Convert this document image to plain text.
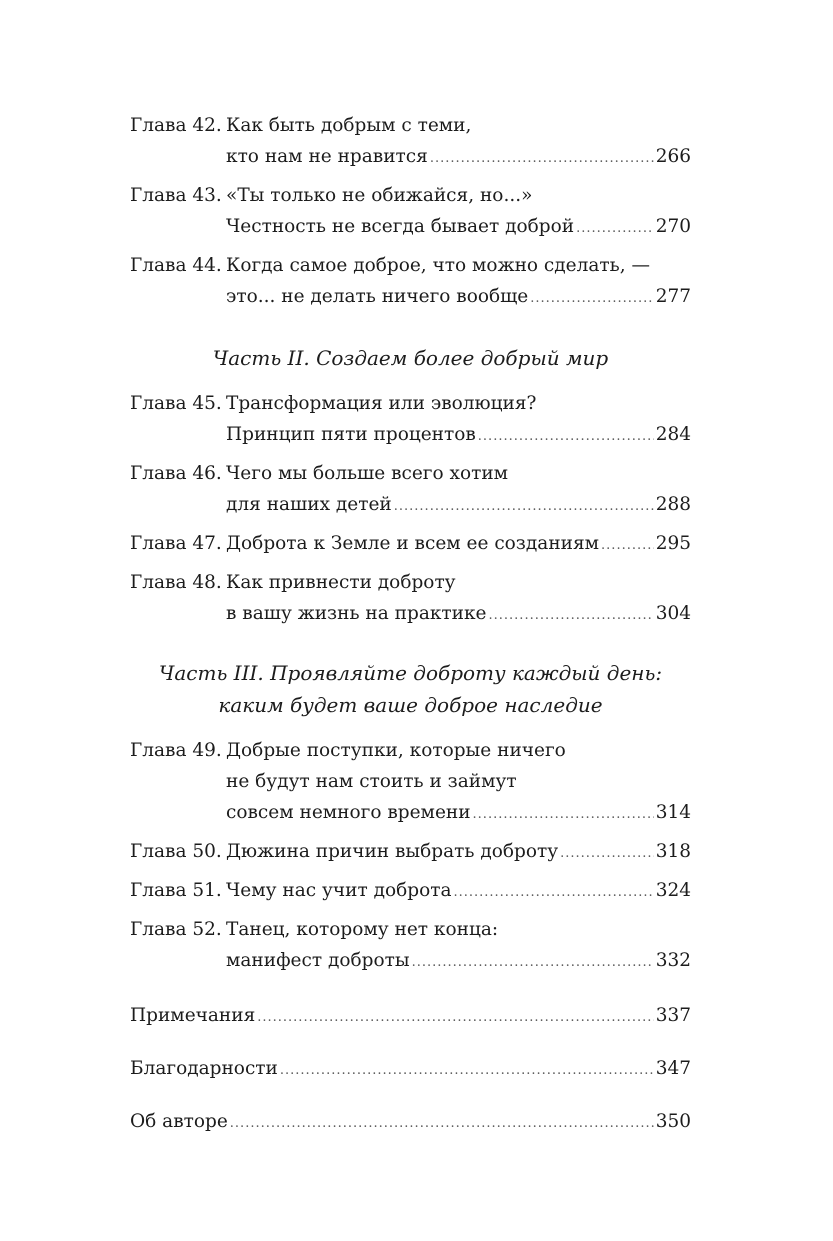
Глава 42. Как быть добрым с теми,
кто нам не нравится .....	266
Глава 43. «Ты только не обижайся, но...»
Честность не всегда бывает доброй .....	270
Глава 44. Когда самое доброе, что можно сделать, —
это... не делать ничего вообще .....	277
Часть II. Создаем более добрый мир
Глава 45. Трансформация или эволюция?
Принцип пяти процентов .....	284
Глава 46. Чего мы больше всего хотим
для наших детей .....	288
Глава 47. Доброта к Земле и всем ее созданиям .....	295
Глава 48. Как привнести доброту
в вашу жизнь на практике .....	304
Часть III. Проявляйте доброту каждый день:
каким будет ваше доброе наследие
Глава 49. Добрые поступки, которые ничего
не будут нам стоить и займут
совсем немного времени .....	314
Глава 50. Дюжина причин выбрать доброту .....	318
Глава 51. Чему нас учит доброта .....	324
Глава 52. Танец, которому нет конца:
манифест доброты .....	332
Примечания .....	337
Благодарности .....	347
Об авторе .....	350
